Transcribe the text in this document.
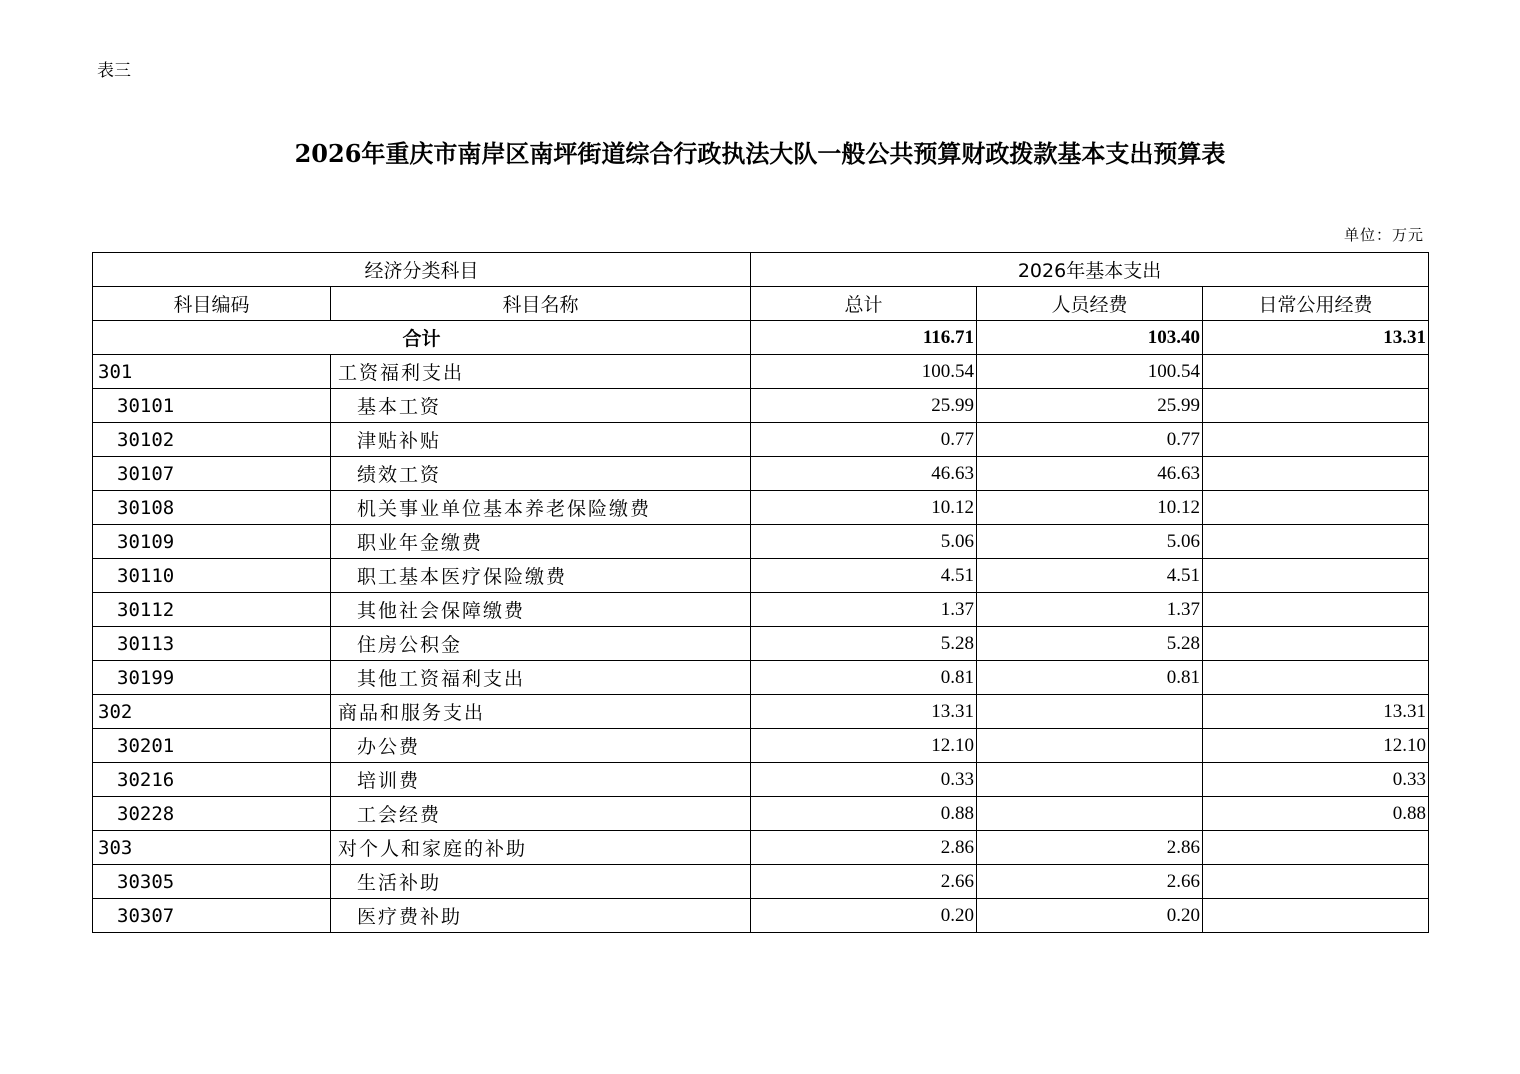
表三
2026年重庆市南岸区南坪街道综合行政执法大队一般公共预算财政拨款基本支出预算表
单位：万元
经济分类科目		2026年基本支出		
科目编码	科目名称	总计	人员经费	日常公用经费
合计		116.71	103.40	13.31
301	工资福利支出	100.54	100.54	
30101	基本工资	25.99	25.99	
30102	津贴补贴	0.77	0.77	
30107	绩效工资	46.63	46.63	
30108	机关事业单位基本养老保险缴费	10.12	10.12	
30109	职业年金缴费	5.06	5.06	
30110	职工基本医疗保险缴费	4.51	4.51	
30112	其他社会保障缴费	1.37	1.37	
30113	住房公积金	5.28	5.28	
30199	其他工资福利支出	0.81	0.81	
302	商品和服务支出	13.31		13.31
30201	办公费	12.10		12.10
30216	培训费	0.33		0.33
30228	工会经费	0.88		0.88
303	对个人和家庭的补助	2.86	2.86	
30305	生活补助	2.66	2.66	
30307	医疗费补助	0.20	0.20	
